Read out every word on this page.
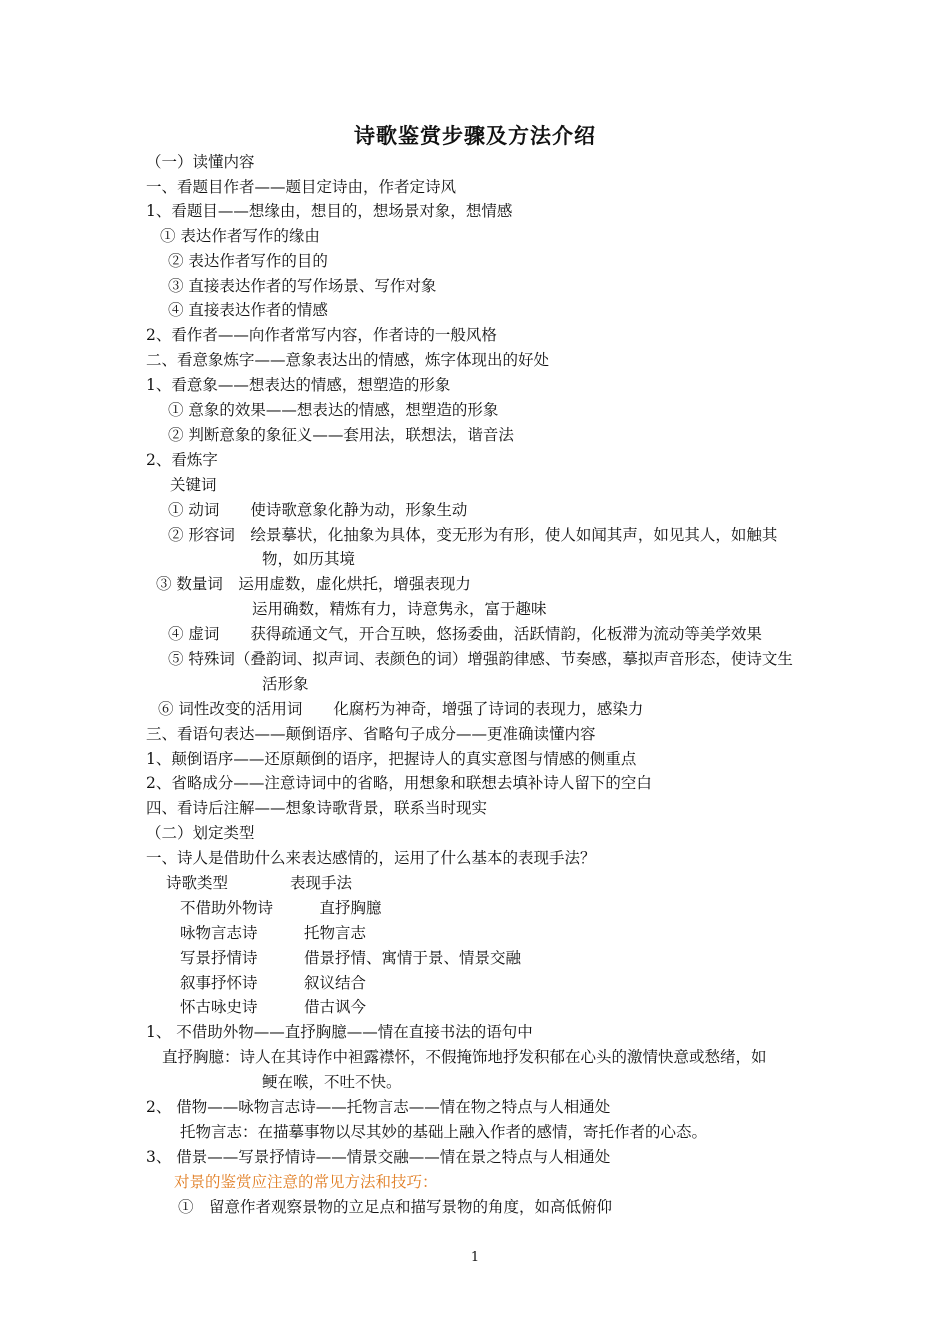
诗歌鉴赏步骤及方法介绍
（一）读懂内容
一、看题目作者——题目定诗由，作者定诗风
1、看题目——想缘由，想目的，想场景对象，想情感
① 表达作者写作的缘由
② 表达作者写作的目的
③ 直接表达作者的写作场景、写作对象
④ 直接表达作者的情感
2、看作者——向作者常写内容，作者诗的一般风格
二、看意象炼字——意象表达出的情感，炼字体现出的好处
1、看意象——想表达的情感，想塑造的形象
① 意象的效果——想表达的情感，想塑造的形象
② 判断意象的象征义——套用法，联想法，谐音法
2、看炼字
关键词
① 动词　　使诗歌意象化静为动，形象生动
② 形容词　绘景摹状，化抽象为具体，变无形为有形，使人如闻其声，如见其人，如触其
物，如历其境
③ 数量词　运用虚数，虚化烘托，增强表现力
运用确数，精炼有力，诗意隽永，富于趣味
④ 虚词　　获得疏通文气，开合互映，悠扬委曲，活跃情韵，化板滞为流动等美学效果
⑤ 特殊词（叠韵词、拟声词、表颜色的词）增强韵律感、节奏感，摹拟声音形态，使诗文生
活形象
⑥ 词性改变的活用词　　化腐朽为神奇，增强了诗词的表现力，感染力
三、看语句表达——颠倒语序、省略句子成分——更准确读懂内容
1、颠倒语序——还原颠倒的语序，把握诗人的真实意图与情感的侧重点
2、省略成分——注意诗词中的省略，用想象和联想去填补诗人留下的空白
四、看诗后注解——想象诗歌背景，联系当时现实
（二）划定类型
一、诗人是借助什么来表达感情的，运用了什么基本的表现手法？
诗歌类型　　　　表现手法
不借助外物诗　　　直抒胸臆
咏物言志诗　　　托物言志
写景抒情诗　　　借景抒情、寓情于景、情景交融
叙事抒怀诗　　　叙议结合
怀古咏史诗　　　借古讽今
1、 不借助外物——直抒胸臆——情在直接书法的语句中
直抒胸臆：诗人在其诗作中袒露襟怀，不假掩饰地抒发积郁在心头的激情快意或愁绪，如
鲠在喉，不吐不快。
2、 借物——咏物言志诗——托物言志——情在物之特点与人相通处
托物言志：在描摹事物以尽其妙的基础上融入作者的感情，寄托作者的心态。
3、 借景——写景抒情诗——情景交融——情在景之特点与人相通处
对景的鉴赏应注意的常见方法和技巧：
①　留意作者观察景物的立足点和描写景物的角度，如高低俯仰
1
